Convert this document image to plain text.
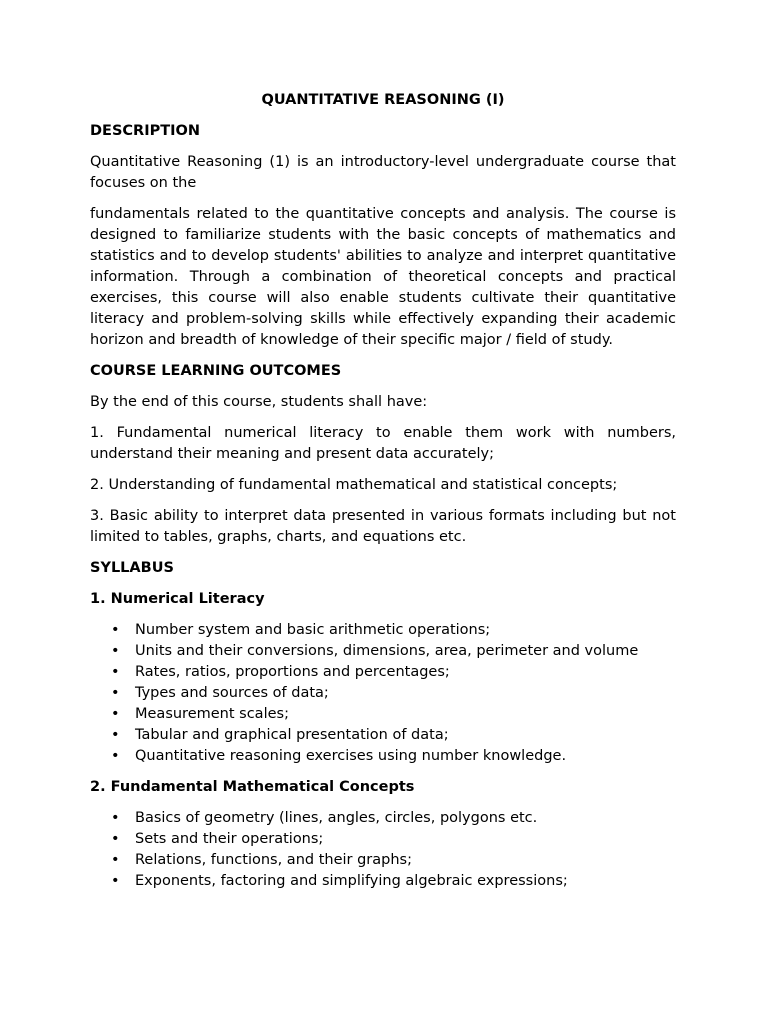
QUANTITATIVE REASONING (I)
DESCRIPTION

Quantitative Reasoning (1) is an introductory-level undergraduate course that focuses on the

fundamentals related to the quantitative concepts and analysis. The course is designed to familiarize students with the basic concepts of mathematics and statistics and to develop students' abilities to analyze and interpret quantitative information. Through a combination of theoretical concepts and practical exercises, this course will also enable students cultivate their quantitative literacy and problem-solving skills while effectively expanding their academic horizon and breadth of knowledge of their specific major / field of study.

COURSE LEARNING OUTCOMES

By the end of this course, students shall have:

1. Fundamental numerical literacy to enable them work with numbers, understand their meaning and present data accurately;

2. Understanding of fundamental mathematical and statistical concepts;

3. Basic ability to interpret data presented in various formats including but not limited to tables, graphs, charts, and equations etc.

SYLLABUS
1. Numerical Literacy
• Number system and basic arithmetic operations;
• Units and their conversions, dimensions, area, perimeter and volume
• Rates, ratios, proportions and percentages;
• Types and sources of data;
• Measurement scales;
• Tabular and graphical presentation of data;
• Quantitative reasoning exercises using number knowledge.
2. Fundamental Mathematical Concepts
• Basics of geometry (lines, angles, circles, polygons etc.
• Sets and their operations;
• Relations, functions, and their graphs;
• Exponents, factoring and simplifying algebraic expressions;
